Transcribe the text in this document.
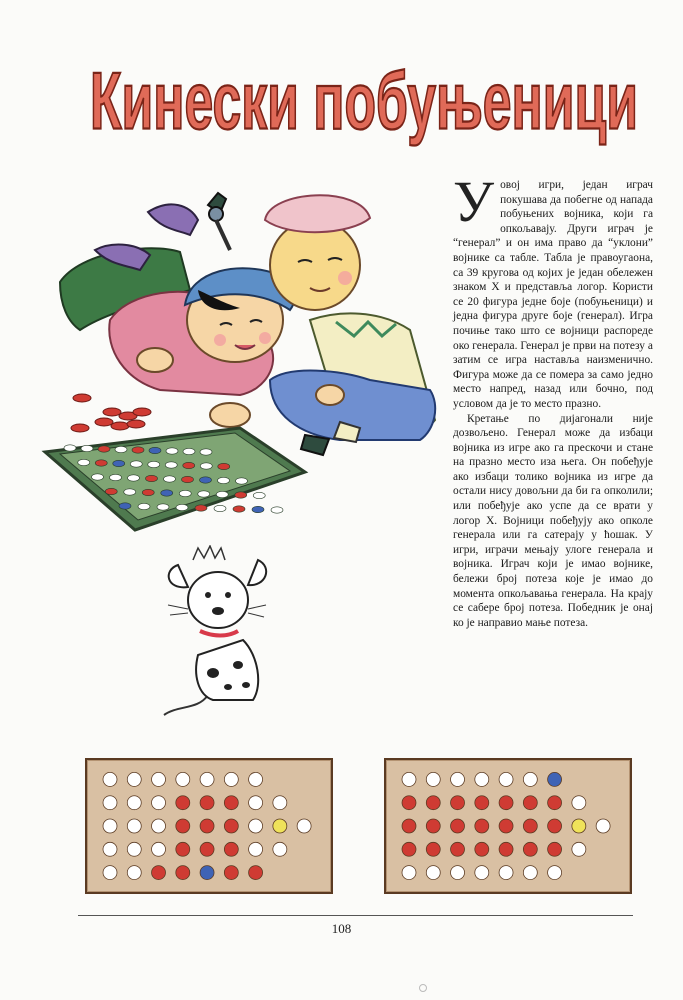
Кинески побуњеници

Уовој игри, један играч покушава да побегне од напада побуњених војника, који га опкољавају. Други играч је “генерал” и он има право да “уклони” војнике са табле. Табла је правоугаона, са 39 кругова од којих је један обележен знаком X и представља логор. Користи се 20 фигура једне боје (побуњеници) и једна фигура друге боје (генерал). Игра почиње тако што се војници распореде око генерала. Генерал је први на потезу а затим се игра наставља наизменично. Фигура може да се помера за само једно место напред, назад или бочно, под условом да је то место празно.

Кретање по дијагонали није дозвољено. Генерал може да избаци војника из игре ако га прескочи и стане на празно место иза њега. Он побеђује ако избаци толико војника из игре да остали нису довољни да би га опколили; или побеђује ако успе да се врати у логор X. Војници побеђују ако опколе генерала или га сатерају у ћошак. У игри, играчи мењају улоге генерала и војника. Играч који је имао војнике, бележи број потеза које је имао до момента опкољавања генерала. На крају се сабере број потеза. Победник је онај ко је направио мање потеза.

108
